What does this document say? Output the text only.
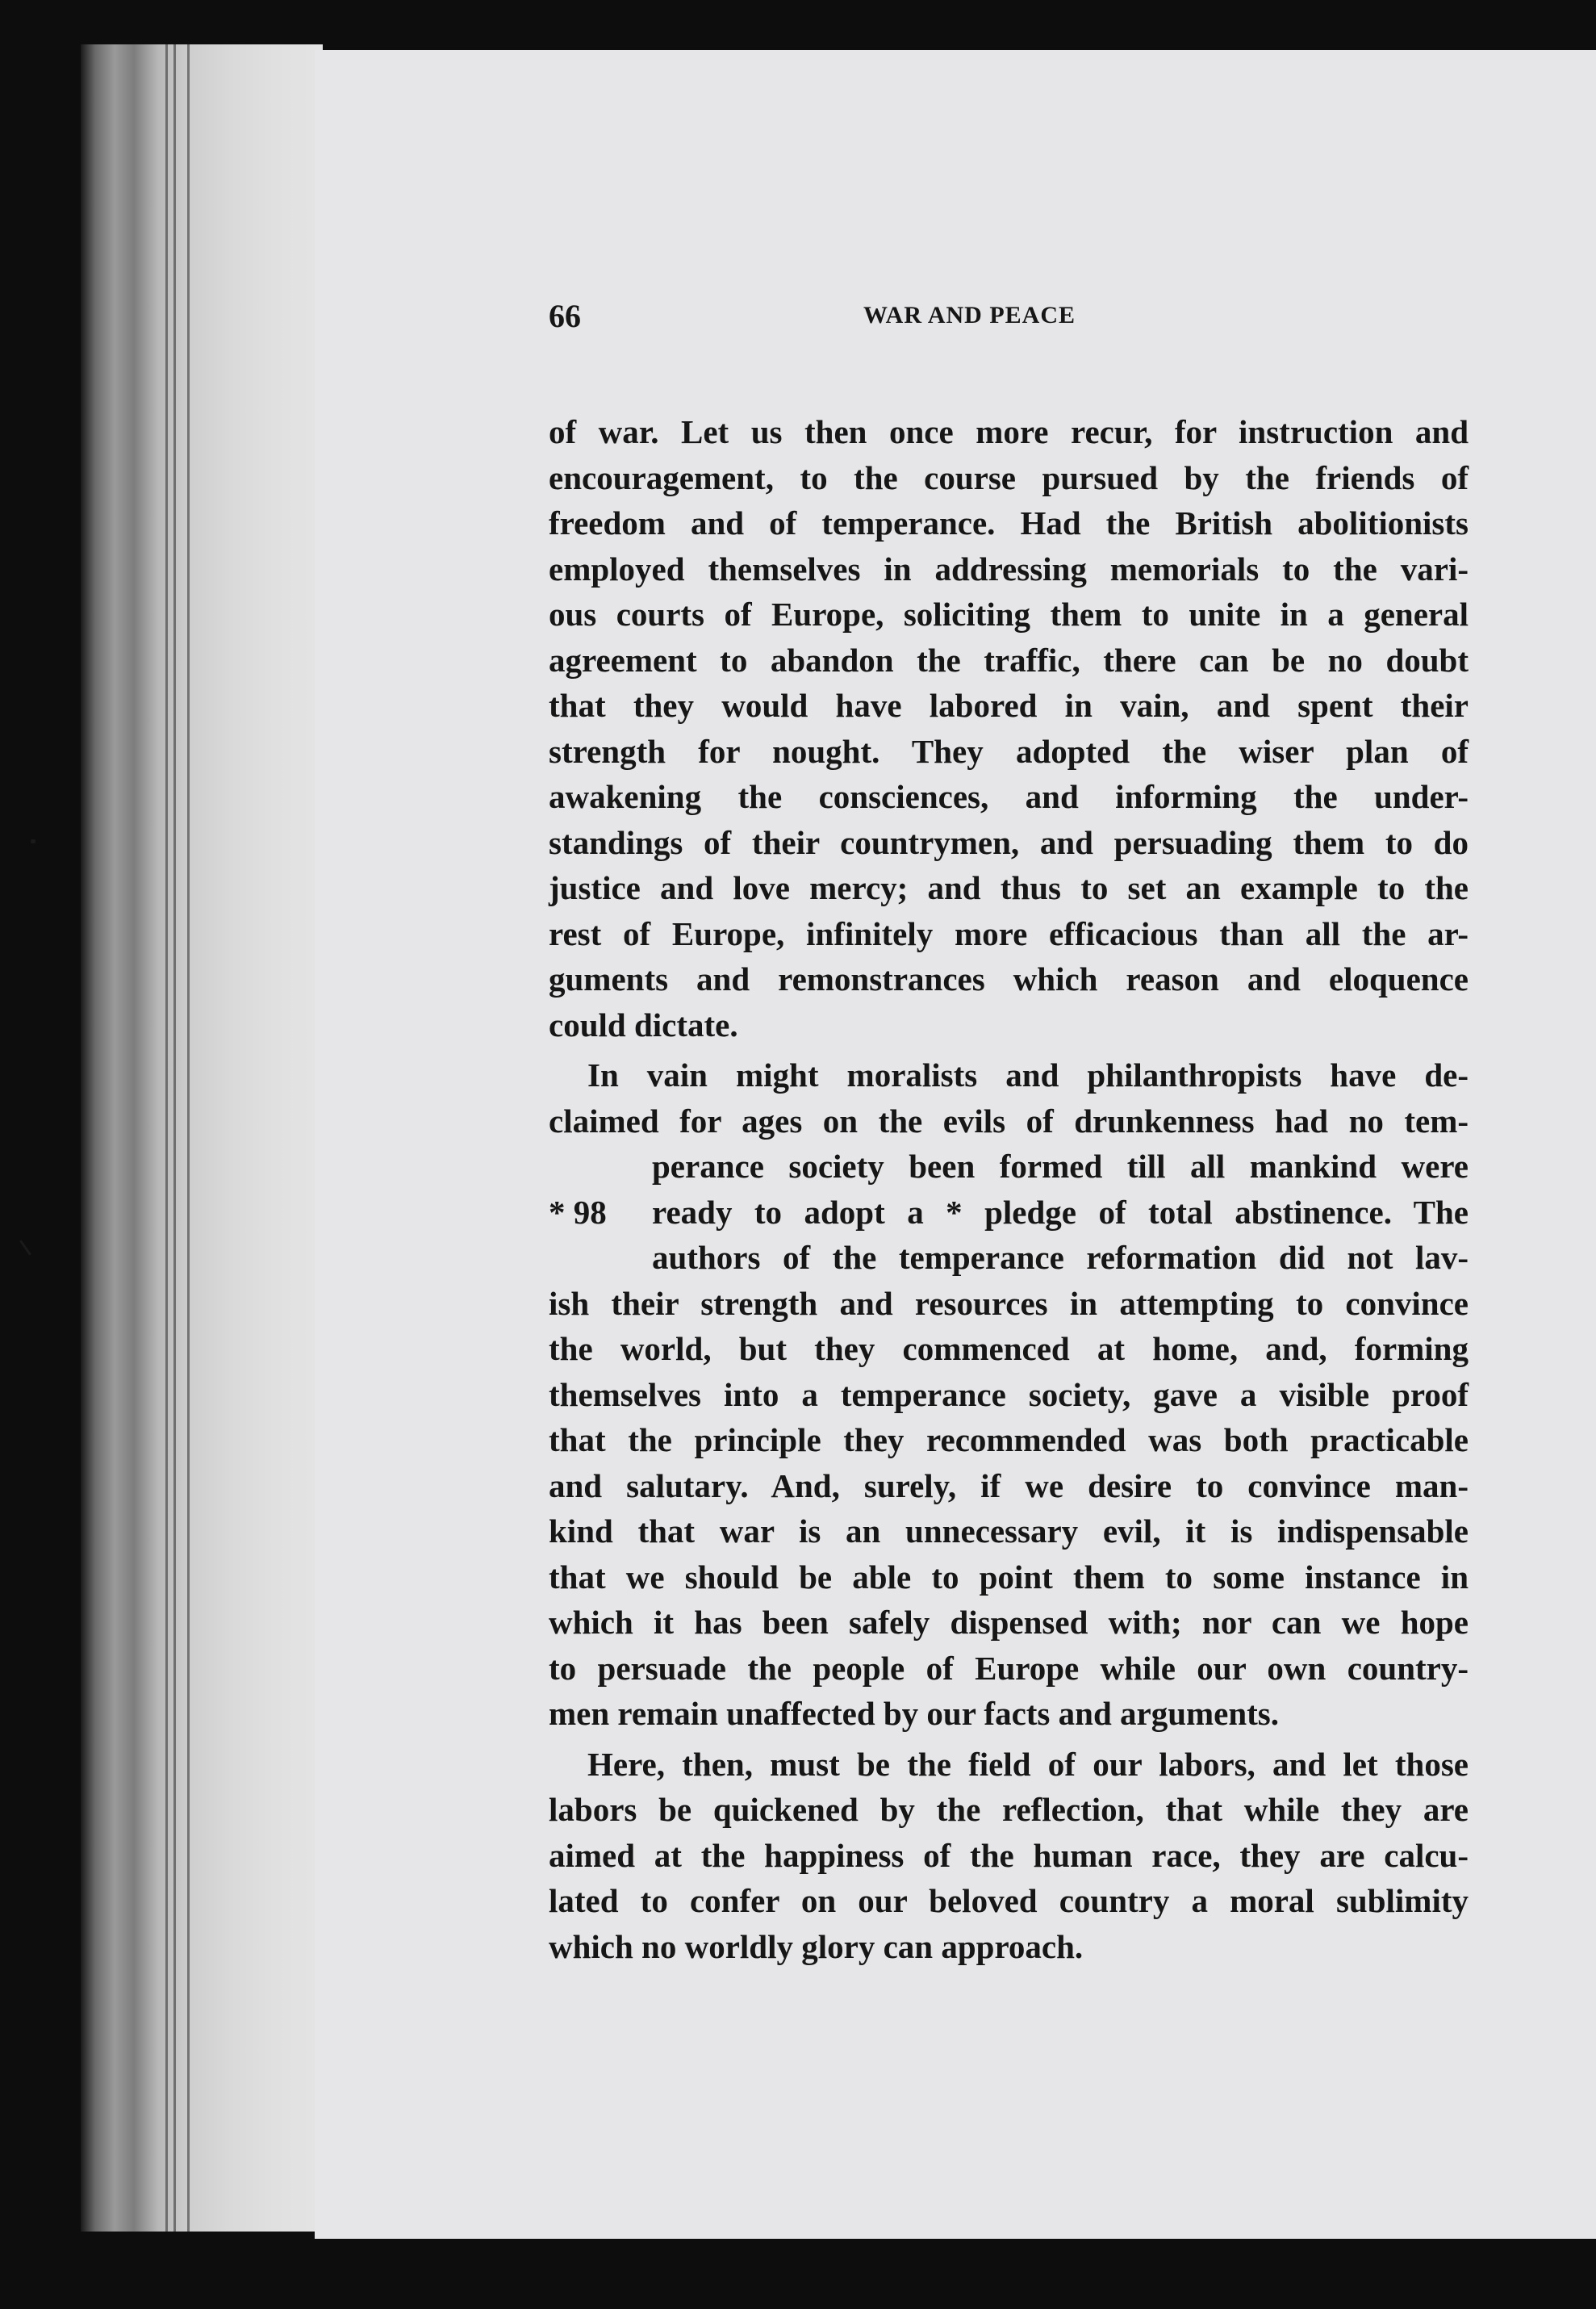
66	WAR AND PEACE
of war. Let us then once more recur, for instruction and
encouragement, to the course pursued by the friends of
freedom and of temperance. Had the British abolitionists
employed themselves in addressing memorials to the vari-
ous courts of Europe, soliciting them to unite in a general
agreement to abandon the traffic, there can be no doubt
that they would have labored in vain, and spent their
strength for nought. They adopted the wiser plan of
awakening the consciences, and informing the under-
standings of their countrymen, and persuading them to do
justice and love mercy; and thus to set an example to the
rest of Europe, infinitely more efficacious than all the ar-
guments and remonstrances which reason and eloquence
could dictate.
In vain might moralists and philanthropists have de-
claimed for ages on the evils of drunkenness had no tem-
perance society been formed till all mankind were
* 98	ready to adopt a * pledge of total abstinence. The
authors of the temperance reformation did not lav-
ish their strength and resources in attempting to convince
the world, but they commenced at home, and, forming
themselves into a temperance society, gave a visible proof
that the principle they recommended was both practicable
and salutary. And, surely, if we desire to convince man-
kind that war is an unnecessary evil, it is indispensable
that we should be able to point them to some instance in
which it has been safely dispensed with; nor can we hope
to persuade the people of Europe while our own country-
men remain unaffected by our facts and arguments.
Here, then, must be the field of our labors, and let those
labors be quickened by the reflection, that while they are
aimed at the happiness of the human race, they are calcu-
lated to confer on our beloved country a moral sublimity
which no worldly glory can approach.
